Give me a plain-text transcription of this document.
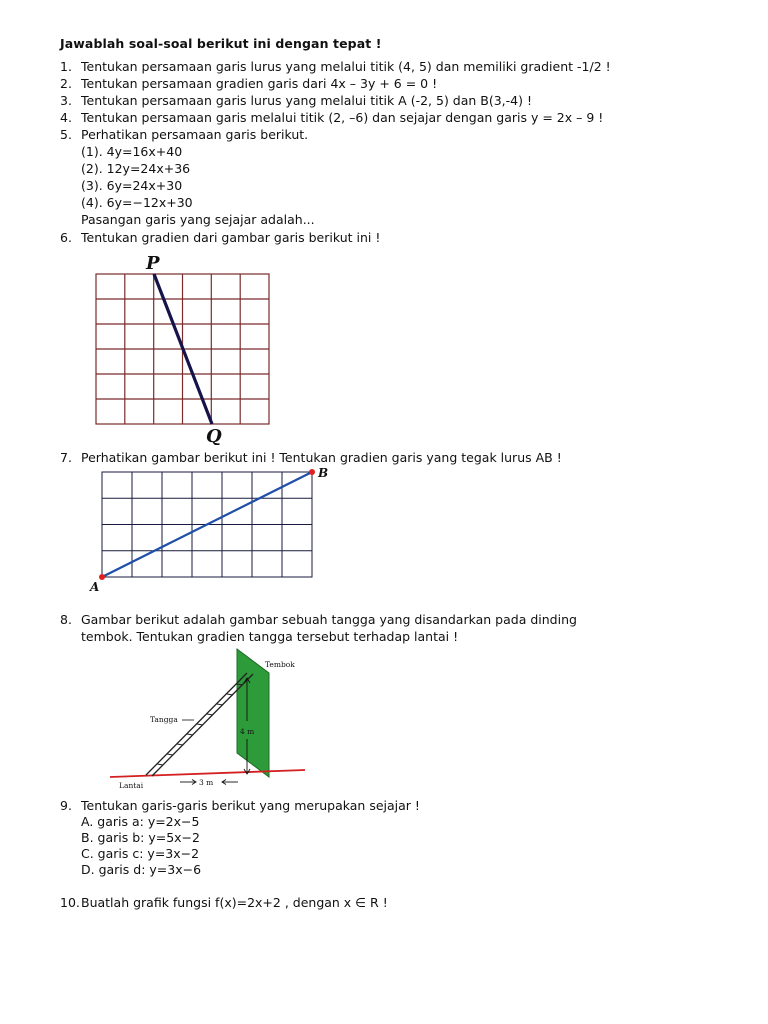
Jawablah soal-soal berikut ini dengan tepat !
1. Tentukan persamaan garis lurus yang melalui titik (4, 5) dan memiliki gradient -1/2 !
2. Tentukan persamaan gradien garis dari 4x – 3y + 6 = 0 !
3. Tentukan persamaan garis lurus yang melalui titik A (-2, 5) dan B(3,-4) !
4. Tentukan persamaan garis melalui titik (2, –6) dan sejajar dengan garis y = 2x – 9 !
5. Perhatikan persamaan garis berikut.
(1). 4y=16x+40
(2). 12y=24x+36
(3). 6y=24x+30
(4). 6y=−12x+30
Pasangan garis yang sejajar adalah...
6. Tentukan gradien dari gambar garis berikut ini !
P
Q
7. Perhatikan gambar berikut ini ! Tentukan gradien garis yang tegak lurus AB !
A
B
8. Gambar berikut adalah gambar sebuah tangga yang disandarkan pada dinding
tembok. Tentukan gradien tangga tersebut terhadap lantai !
4 m
3 m
Tembok
Tangga
Lantai
9. Tentukan garis-garis berikut yang merupakan sejajar !
A. garis a: y=2x−5
B. garis b: y=5x−2
C. garis c: y=3x−2
D. garis d: y=3x−6
10.Buatlah grafik fungsi f(x)=2x+2 , dengan x ∈ R !
